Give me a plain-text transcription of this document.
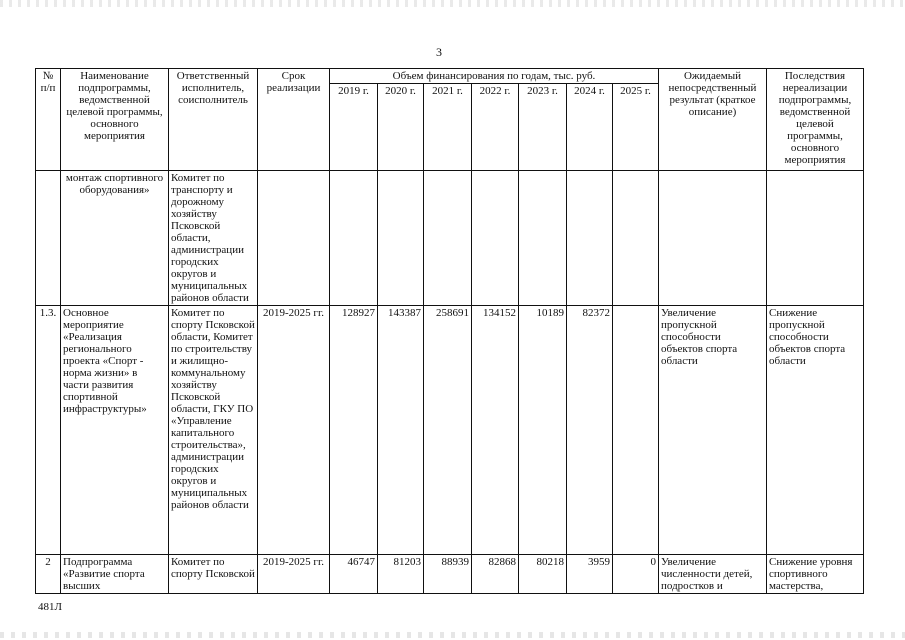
3
№ п/п	Наименование подпрограммы, ведомственной целевой программы, основного мероприятия	Ответственный исполнитель, соисполнитель	Срок реализации	Объем финансирования по годам, тыс. руб.							Ожидаемый непосредственный результат (краткое описание)	Последствия нереализации подпрограммы, ведомственной целевой программы, основного мероприятия
				2019 г.	2020 г.	2021 г.	2022 г.	2023 г.	2024 г.	2025 г.		
	монтаж спортивного оборудования»	Комитет по транспорту и дорожному хозяйству Псковской области, администрации городских округов и муниципальных районов области										
1.3.	Основное мероприятие «Реализация регионального проекта «Спорт - норма жизни» в части развития спортивной инфраструктуры»	Комитет по спорту Псковской области, Комитет по строительству и жилищно-коммунальному хозяйству Псковской области, ГКУ ПО «Управление капитального строительства», администрации городских округов и муниципальных районов области	2019-2025 гг.	128927	143387	258691	134152	10189	82372		Увеличение пропускной способности объектов спорта области	Снижение пропускной способности объектов спорта области
2	Подпрограмма «Развитие спорта высших	Комитет по спорту Псковской	2019-2025 гг.	46747	81203	88939	82868	80218	3959	0	Увеличение численности детей, подростков и	Снижение уровня спортивного мастерства,
481Л
